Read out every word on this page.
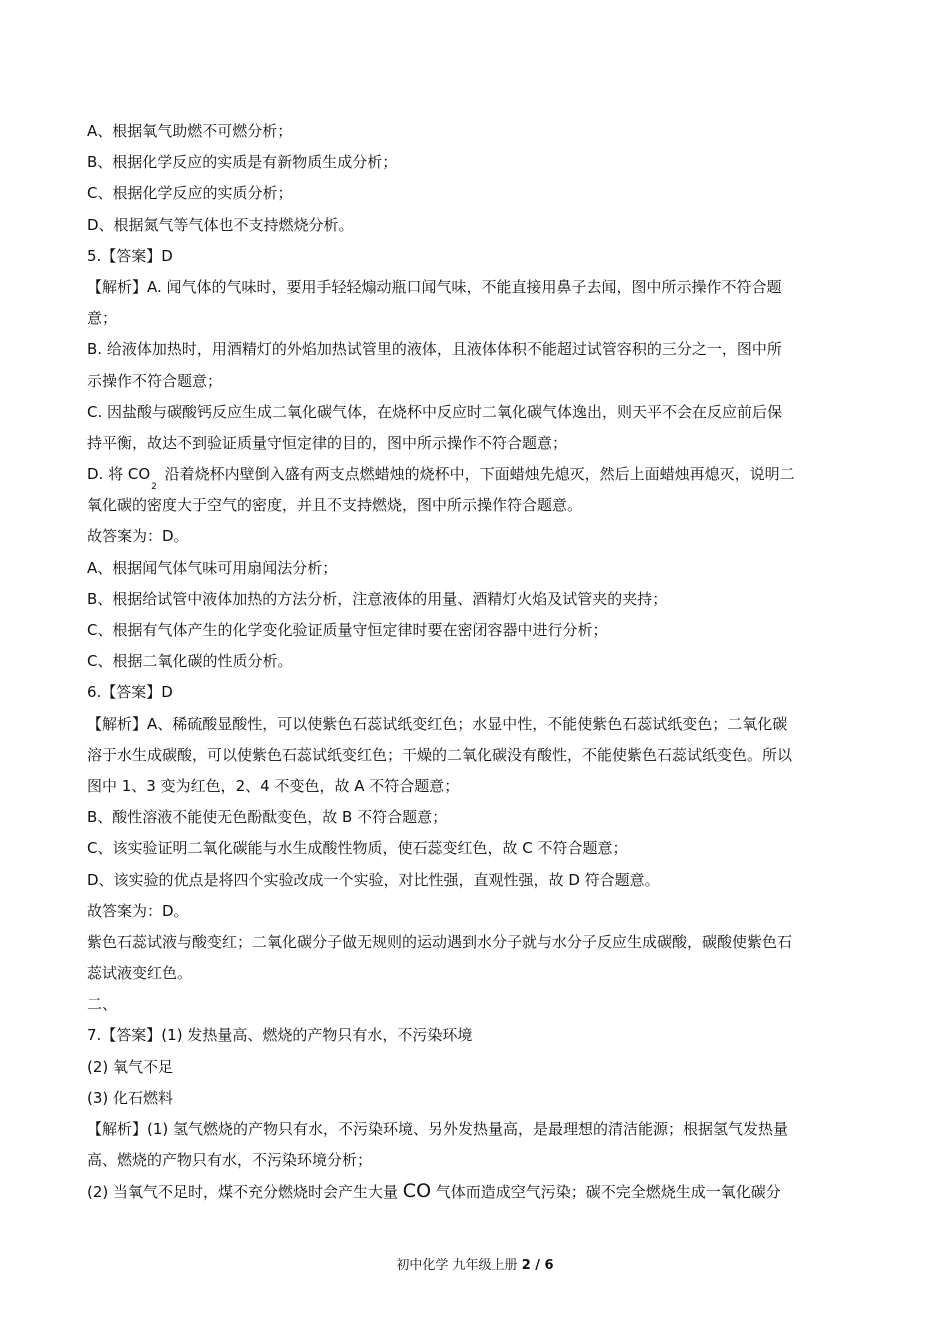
A、根据氧气助燃不可燃分析；
B、根据化学反应的实质是有新物质生成分析；
C、根据化学反应的实质分析；
D、根据氮气等气体也不支持燃烧分析。
5.【答案】D
【解析】A. 闻气体的气味时，要用手轻轻煽动瓶口闻气味，不能直接用鼻子去闻，图中所示操作不符合题
意；
B. 给液体加热时，用酒精灯的外焰加热试管里的液体，且液体体积不能超过试管容积的三分之一，图中所
示操作不符合题意；
C. 因盐酸与碳酸钙反应生成二氧化碳气体，在烧杯中反应时二氧化碳气体逸出，则天平不会在反应前后保
持平衡，故达不到验证质量守恒定律的目的，图中所示操作不符合题意；
D. 将 $CO_2$ 沿着烧杯内壁倒入盛有两支点燃蜡烛的烧杯中，下面蜡烛先熄灭，然后上面蜡烛再熄灭，说明二
氧化碳的密度大于空气的密度，并且不支持燃烧，图中所示操作符合题意。
故答案为：D。
A、根据闻气体气味可用扇闻法分析；
B、根据给试管中液体加热的方法分析，注意液体的用量、酒精灯火焰及试管夹的夹持；
C、根据有气体产生的化学变化验证质量守恒定律时要在密闭容器中进行分析；
C、根据二氧化碳的性质分析。
6.【答案】D
【解析】A、稀硫酸显酸性，可以使紫色石蕊试纸变红色；水显中性，不能使紫色石蕊试纸变色；二氧化碳
溶于水生成碳酸，可以使紫色石蕊试纸变红色；干燥的二氧化碳没有酸性，不能使紫色石蕊试纸变色。所以
图中 1、3 变为红色，2、4 不变色，故 A 不符合题意；
B、酸性溶液不能使无色酚酞变色，故 B 不符合题意；
C、该实验证明二氧化碳能与水生成酸性物质，使石蕊变红色，故 C 不符合题意；
D、该实验的优点是将四个实验改成一个实验，对比性强，直观性强，故 D 符合题意。
故答案为：D。
紫色石蕊试液与酸变红；二氧化碳分子做无规则的运动遇到水分子就与水分子反应生成碳酸，碳酸使紫色石
蕊试液变红色。
二、
7.【答案】(1) 发热量高、燃烧的产物只有水，不污染环境
(2) 氧气不足
(3) 化石燃料
【解析】(1) 氢气燃烧的产物只有水，不污染环境、另外发热量高，是最理想的清洁能源；根据氢气发热量
高、燃烧的产物只有水，不污染环境分析；
(2) 当氧气不足时，煤不充分燃烧时会产生大量 CO 气体而造成空气污染；碳不完全燃烧生成一氧化碳分
初中化学 九年级上册 2 / 6
